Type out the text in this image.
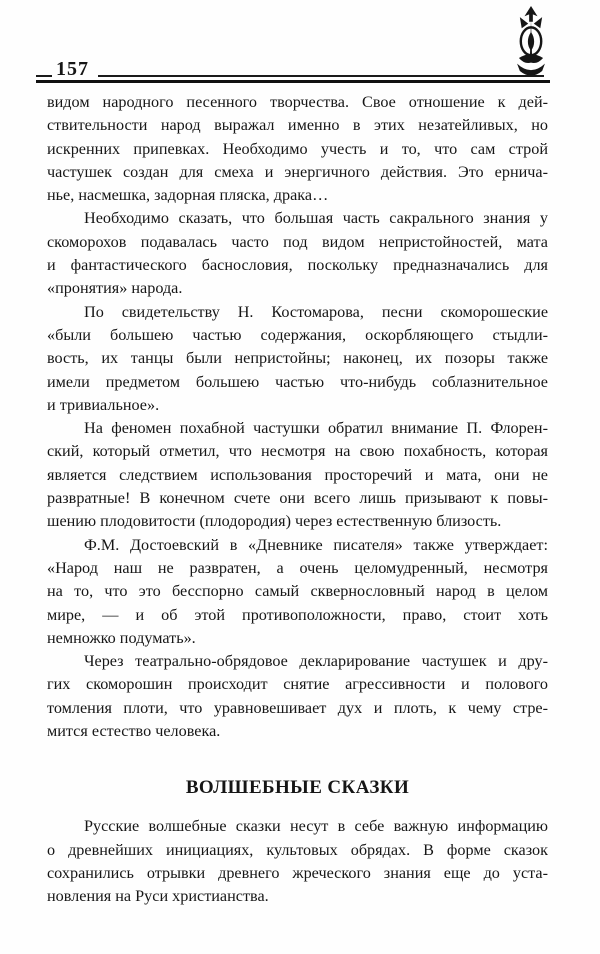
157
видом народного песенного творчества. Свое отношение к дей-
ствительности народ выражал именно в этих незатейливых, но
искренних припевках. Необходимо учесть и то, что сам строй
частушек создан для смеха и энергичного действия. Это ернича-
нье, насмешка, задорная пляска, драка…
Необходимо сказать, что большая часть сакрального знания у
скоморохов подавалась часто под видом непристойностей, мата
и фантастического баснословия, поскольку предназначались для
«пронятия» народа.
По свидетельству Н. Костомарова, песни скоморошеские
«были большею частью содержания, оскорбляющего стыдли-
вость, их танцы были непристойны; наконец, их позоры также
имели предметом большею частью что-нибудь соблазнительное
и тривиальное».
На феномен похабной частушки обратил внимание П. Флорен-
ский, который отметил, что несмотря на свою похабность, которая
является следствием использования просторечий и мата, они не
развратные! В конечном счете они всего лишь призывают к повы-
шению плодовитости (плодородия) через естественную близость.
Ф.М. Достоевский в «Дневнике писателя» также утверждает:
«Народ наш не развратен, а очень целомудренный, несмотря
на то, что это бесспорно самый сквернословный народ в целом
мире, — и об этой противоположности, право, стоит хоть
немножко подумать».
Через театрально-обрядовое декларирование частушек и дру-
гих скоморошин происходит снятие агрессивности и полового
томления плоти, что уравновешивает дух и плоть, к чему стре-
мится естество человека.
ВОЛШЕБНЫЕ СКАЗКИ
Русские волшебные сказки несут в себе важную информацию
о древнейших инициациях, культовых обрядах. В форме сказок
сохранились отрывки древнего жреческого знания еще до уста-
новления на Руси христианства.
